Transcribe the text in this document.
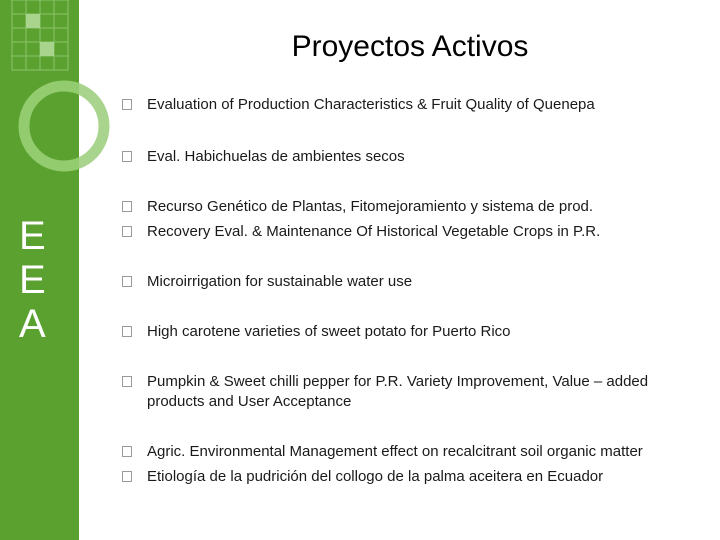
E
E
A
Proyectos Activos
Evaluation of Production Characteristics & Fruit Quality of Quenepa
Eval. Habichuelas de ambientes secos
Recurso Genético de Plantas, Fitomejoramiento y sistema de prod.
Recovery Eval. & Maintenance Of Historical Vegetable Crops in P.R.
Microirrigation for sustainable water use
High carotene varieties of sweet potato for Puerto Rico
Pumpkin & Sweet chilli pepper for P.R. Variety Improvement, Value – added products and User Acceptance
Agric. Environmental Management effect on recalcitrant soil organic matter
Etiología de la pudrición del collogo de la palma aceitera en Ecuador
